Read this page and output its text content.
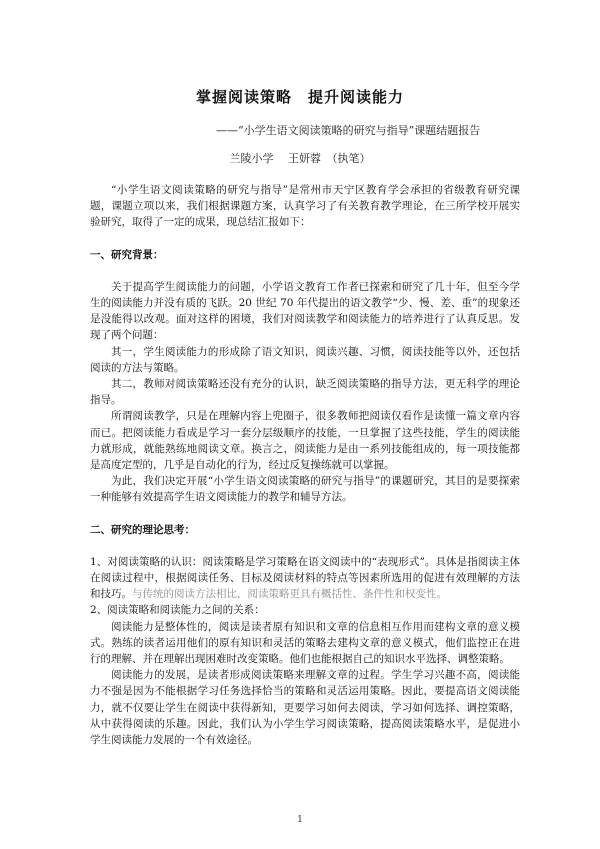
掌握阅读策略　提升阅读能力
——“小学生语文阅读策略的研究与指导”课题结题报告
兰陵小学　 王妍蓉　（执笔）

“小学生语文阅读策略的研究与指导”是常州市天宁区教育学会承担的省级教育研究课题，课题立项以来，我们根据课题方案，认真学习了有关教育教学理论，在三所学校开展实验研究，取得了一定的成果，现总结汇报如下：

一、研究背景：

关于提高学生阅读能力的问题，小学语文教育工作者已探索和研究了几十年，但至今学生的阅读能力并没有质的飞跃。20 世纪 70 年代提出的语文教学“少、慢、差、重”的现象还是没能得以改观。面对这样的困境，我们对阅读教学和阅读能力的培养进行了认真反思。发现了两个问题：

其一，学生阅读能力的形成除了语文知识，阅读兴趣、习惯，阅读技能等以外，还包括阅读的方法与策略。

其二，教师对阅读策略还没有充分的认识，缺乏阅读策略的指导方法，更无科学的理论指导。

所谓阅读教学，只是在理解内容上兜圈子，很多教师把阅读仅看作是读懂一篇文章内容而已。把阅读能力看成是学习一套分层级顺序的技能，一旦掌握了这些技能，学生的阅读能力就形成，就能熟练地阅读文章。换言之，阅读能力是由一系列技能组成的，每一项技能都是高度定型的，几乎是自动化的行为，经过反复操练就可以掌握。

为此，我们决定开展“小学生语文阅读策略的研究与指导”的课题研究，其目的是要探索一种能够有效提高学生语文阅读能力的教学和辅导方法。

二、研究的理论思考：

1、对阅读策略的认识：阅读策略是学习策略在语文阅读中的“表现形式”。具体是指阅读主体在阅读过程中，根据阅读任务、目标及阅读材料的特点等因素所选用的促进有效理解的方法和技巧。与传统的阅读方法相比，阅读策略更具有概括性、条件性和权变性。

2、阅读策略和阅读能力之间的关系：

阅读能力是整体性的，阅读是读者原有知识和文章的信息相互作用而建构文章的意义模式。熟练的读者运用他们的原有知识和灵活的策略去建构文章的意义模式，他们监控正在进行的理解、并在理解出现困难时改变策略。他们也能根据自己的知识水平选择、调整策略。

阅读能力的发展，是读者形成阅读策略来理解文章的过程。学生学习兴趣不高，阅读能力不强是因为不能根据学习任务选择恰当的策略和灵活运用策略。因此，要提高语文阅读能力，就不仅要让学生在阅读中获得新知，更要学习如何去阅读，学习如何选择、调控策略，从中获得阅读的乐趣。因此，我们认为小学生学习阅读策略，提高阅读策略水平，是促进小学生阅读能力发展的一个有效途径。

1
